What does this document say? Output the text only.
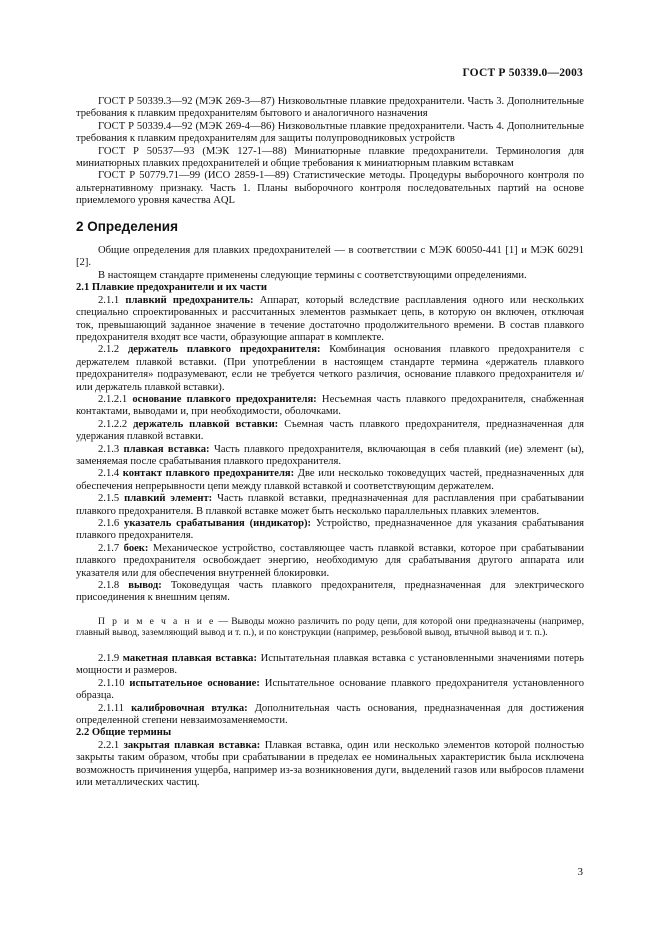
ГОСТ Р 50339.0—2003

ГОСТ Р 50339.3—92 (МЭК 269-3—87) Низковольтные плавкие предохранители. Часть 3. Дополнительные требования к плавким предохранителям бытового и аналогичного назначения

ГОСТ Р 50339.4—92 (МЭК 269-4—86) Низковольтные плавкие предохранители. Часть 4. Дополнительные требования к плавким предохранителям для защиты полупроводниковых устройств

ГОСТ Р 50537—93 (МЭК 127-1—88) Миниатюрные плавкие предохранители. Терминология для миниатюрных плавких предохранителей и общие требования к миниатюрным плавким вставкам

ГОСТ Р 50779.71—99 (ИСО 2859-1—89) Статистические методы. Процедуры выборочного контроля по альтернативному признаку. Часть 1. Планы выборочного контроля последовательных партий на основе приемлемого уровня качества AQL

2 Определения

Общие определения для плавких предохранителей — в соответствии с МЭК 60050-441 [1] и МЭК 60291 [2].

В настоящем стандарте применены следующие термины с соответствующими определениями.

2.1 Плавкие предохранители и их части

2.1.1 плавкий предохранитель: Аппарат, который вследствие расплавления одного или нескольких специально спроектированных и рассчитанных элементов размыкает цепь, в которую он включен, отключая ток, превышающий заданное значение в течение достаточно продолжительного времени. В состав плавкого предохранителя входят все части, образующие аппарат в комплекте.

2.1.2 держатель плавкого предохранителя: Комбинация основания плавкого предохранителя с держателем плавкой вставки. (При употреблении в настоящем стандарте термина «держатель плавкого предохранителя» подразумевают, если не требуется четкого различия, основание плавкого предохранителя и/или держатель плавкой вставки).

2.1.2.1 основание плавкого предохранителя: Несъемная часть плавкого предохранителя, снабженная контактами, выводами и, при необходимости, оболочками.

2.1.2.2 держатель плавкой вставки: Съемная часть плавкого предохранителя, предназначенная для удержания плавкой вставки.

2.1.3 плавкая вставка: Часть плавкого предохранителя, включающая в себя плавкий (ие) элемент (ы), заменяемая после срабатывания плавкого предохранителя.

2.1.4 контакт плавкого предохранителя: Две или несколько токоведущих частей, предназначенных для обеспечения непрерывности цепи между плавкой вставкой и соответствующим держателем.

2.1.5 плавкий элемент: Часть плавкой вставки, предназначенная для расплавления при срабатывании плавкого предохранителя. В плавкой вставке может быть несколько параллельных плавких элементов.

2.1.6 указатель срабатывания (индикатор): Устройство, предназначенное для указания срабатывания плавкого предохранителя.

2.1.7 боек: Механическое устройство, составляющее часть плавкой вставки, которое при срабатывании плавкого предохранителя освобождает энергию, необходимую для срабатывания другого аппарата или указателя или для обеспечения внутренней блокировки.

2.1.8 вывод: Токоведущая часть плавкого предохранителя, предназначенная для электрического присоединения к внешним цепям.

П р и м е ч а н и е — Выводы можно различить по роду цепи, для которой они предназначены (например, главный вывод, заземляющий вывод и т. п.), и по конструкции (например, резьбовой вывод, втычной вывод и т. п.).

2.1.9 макетная плавкая вставка: Испытательная плавкая вставка с установленными значениями потерь мощности и размеров.

2.1.10 испытательное основание: Испытательное основание плавкого предохранителя установленного образца.

2.1.11 калибровочная втулка: Дополнительная часть основания, предназначенная для достижения определенной степени невзаимозаменяемости.

2.2 Общие термины

2.2.1 закрытая плавкая вставка: Плавкая вставка, один или несколько элементов которой полностью закрыты таким образом, чтобы при срабатывании в пределах ее номинальных характеристик была исключена возможность причинения ущерба, например из-за возникновения дуги, выделений газов или выбросов пламени или металлических частиц.

3
